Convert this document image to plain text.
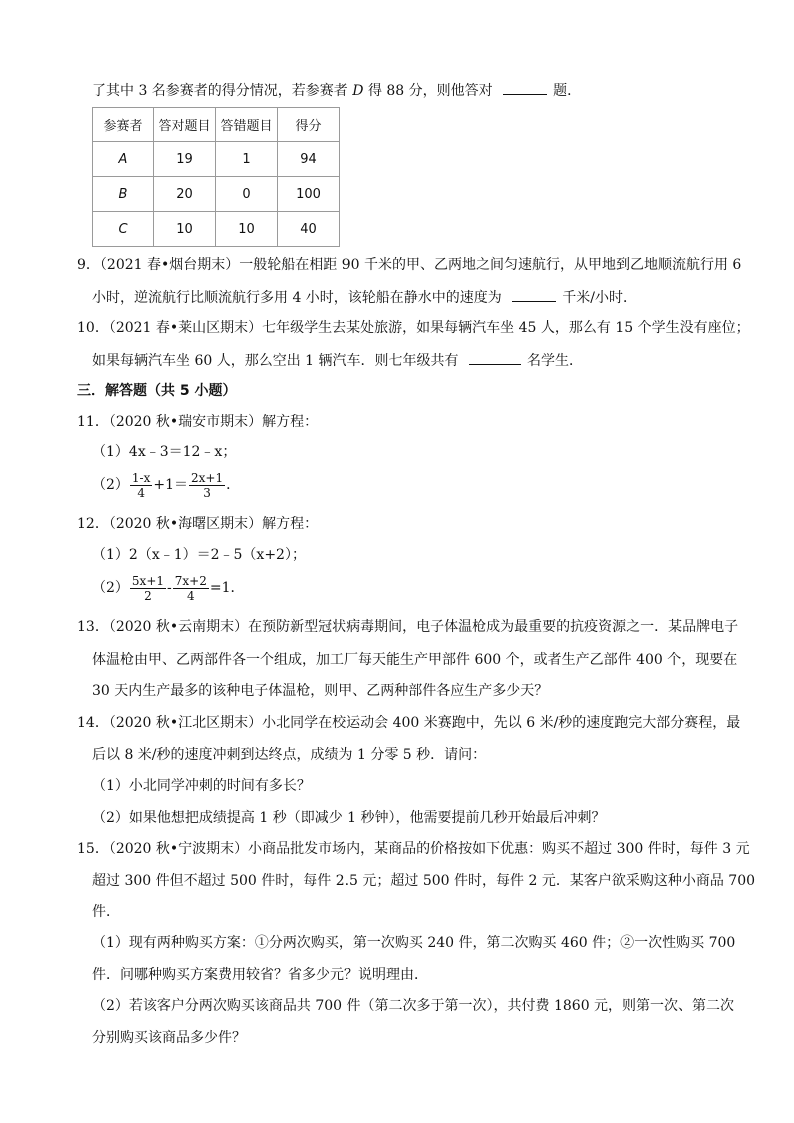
了其中 3 名参赛者的得分情况，若参赛者 D 得 88 分，则他答对	题．
参赛者	答对题目	答错题目	得分
A	19	1	94
B	20	0	100
C	10	10	40
9．（2021 春•烟台期末）一般轮船在相距 90 千米的甲、乙两地之间匀速航行，从甲地到乙地顺流航行用 6
小时，逆流航行比顺流航行多用 4 小时，该轮船在静水中的速度为	千米/小时．
10．（2021 春•莱山区期末）七年级学生去某处旅游，如果每辆汽车坐 45 人，那么有 15 个学生没有座位；
如果每辆汽车坐 60 人，那么空出 1 辆汽车．则七年级共有	名学生．
三．解答题（共 5 小题）
11．（2020 秋•瑞安市期末）解方程：
（1）4x﹣3＝12﹣x；
$(2) \frac{1-x}{4} +1= \frac{2x+1}{3}$ ．
12．（2020 秋•海曙区期末）解方程：
（1）2（x﹣1）＝2﹣5（x+2）；
$(2) \frac{5x+1}{2} - \frac{7x+2}{4} =1$．
13．（2020 秋•云南期末）在预防新型冠状病毒期间，电子体温枪成为最重要的抗疫资源之一．某品牌电子
体温枪由甲、乙两部件各一个组成，加工厂每天能生产甲部件 600 个，或者生产乙部件 400 个，现要在
30 天内生产最多的该种电子体温枪，则甲、乙两种部件各应生产多少天？
14．（2020 秋•江北区期末）小北同学在校运动会 400 米赛跑中，先以 6 米/秒的速度跑完大部分赛程，最
后以 8 米/秒的速度冲刺到达终点，成绩为 1 分零 5 秒．请问：
（1）小北同学冲刺的时间有多长？
（2）如果他想把成绩提高 1 秒（即减少 1 秒钟），他需要提前几秒开始最后冲刺？
15．（2020 秋•宁波期末）小商品批发市场内，某商品的价格按如下优惠：购买不超过 300 件时，每件 3 元
超过 300 件但不超过 500 件时，每件 2.5 元；超过 500 件时，每件 2 元．某客户欲采购这种小商品 700
件．
（1）现有两种购买方案：①分两次购买，第一次购买 240 件，第二次购买 460 件；②一次性购买 700
件．问哪种购买方案费用较省？省多少元？说明理由．
（2）若该客户分两次购买该商品共 700 件（第二次多于第一次），共付费 1860 元，则第一次、第二次
分别购买该商品多少件？
